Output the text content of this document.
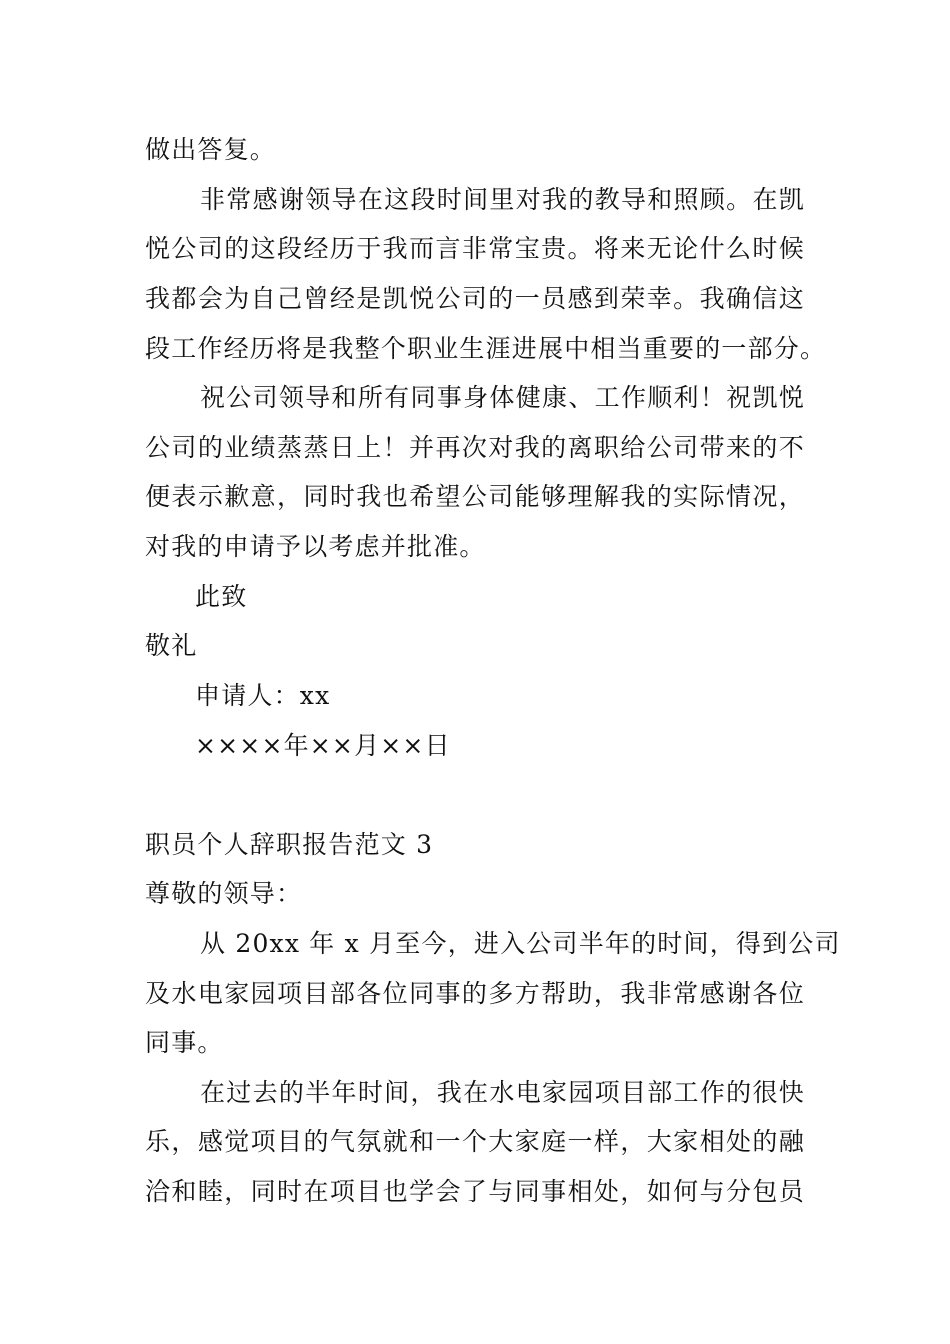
做出答复。
非常感谢领导在这段时间里对我的教导和照顾。在凯
悦公司的这段经历于我而言非常宝贵。将来无论什么时候
我都会为自己曾经是凯悦公司的一员感到荣幸。我确信这
段工作经历将是我整个职业生涯进展中相当重要的一部分。
祝公司领导和所有同事身体健康、工作顺利！祝凯悦
公司的业绩蒸蒸日上！并再次对我的离职给公司带来的不
便表示歉意，同时我也希望公司能够理解我的实际情况，
对我的申请予以考虑并批准。
此致
敬礼
申请人：xx
××××年××月××日
职员个人辞职报告范文 3
尊敬的领导：
从 20xx 年 x 月至今，进入公司半年的时间，得到公司
及水电家园项目部各位同事的多方帮助，我非常感谢各位
同事。
在过去的半年时间，我在水电家园项目部工作的很快
乐，感觉项目的气氛就和一个大家庭一样，大家相处的融
洽和睦，同时在项目也学会了与同事相处，如何与分包员
